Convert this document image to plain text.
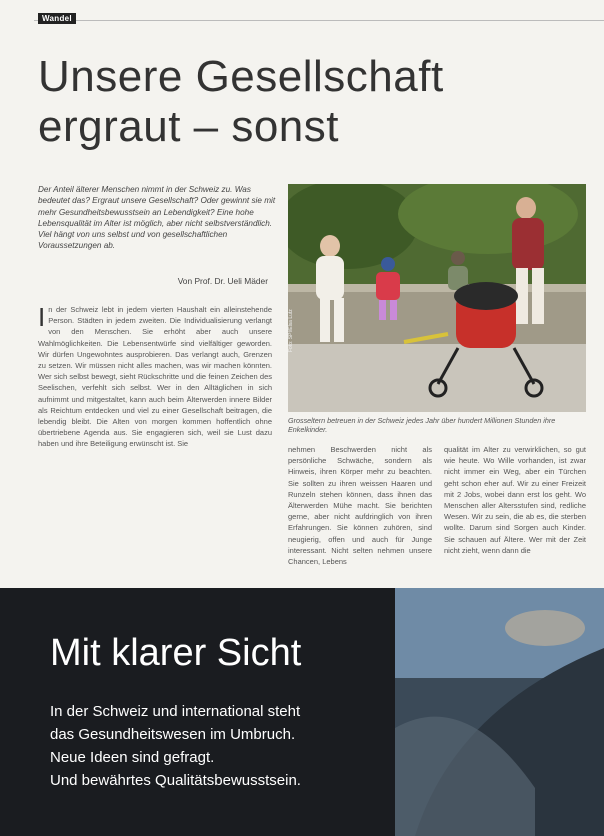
Wandel
Unsere Gesellschaft ergraut – sonst

Der Anteil älterer Menschen nimmt in der Schweiz zu. Was bedeutet das? Ergraut unsere Gesellschaft? Oder gewinnt sie mit mehr Gesundheitsbewusstsein an Lebendigkeit? Eine hohe Lebensqualität im Alter ist möglich, aber nicht selbstverständlich. Viel hängt von uns selbst und von gesellschaftlichen Voraussetzungen ab.

Von Prof. Dr. Ueli Mäder

Foto: SPI/Elsa Lutz

Grosseltern betreuen in der Schweiz jedes Jahr über hundert Millionen Stunden ihre Enkelkinder.

In der Schweiz lebt in jedem vierten Haushalt ein alleinstehende Person. Städten in jedem zweiten. Die Individualisierung verlangt von den Menschen. Sie erhöht aber auch unsere Wahlmöglichkeiten. Die Lebensentwürfe sind vielfältiger geworden. Wir dürfen Ungewohntes ausprobieren. Das verlangt auch, Grenzen zu setzen. Wir müssen nicht alles machen, was wir machen könnten. Wer sich selbst bewegt, sieht Rückschritte und die feinen Zeichen des Seelischen, verfehlt sich selbst. Wer in den Alltäglichen in sich aufnimmt und mitgestaltet, kann auch beim Älterwerden innere Bilder als Reichtum entdecken und viel zu einer Gesellschaft beitragen, die lebendig bleibt. Die Alten von morgen kommen hoffentlich ohne übertriebene Agenda aus. Sie engagieren sich, weil sie Lust dazu haben und ihre Beteiligung erwünscht ist. Sie

nehmen Beschwerden nicht als persönliche Schwäche, sondern als Hinweis, ihren Körper mehr zu beachten. Sie sollten zu ihren weissen Haaren und Runzeln stehen können, dass ihnen das Älterwerden Mühe macht. Sie berichten gerne, aber nicht aufdringlich von ihren Erfahrungen. Sie können zuhören, sind neugierig, offen und auch für Junge interessant. Nicht selten nehmen unsere Chancen, Lebens

qualität im Alter zu verwirklichen, so gut wie heute. Wo Wille vorhanden, ist zwar nicht immer ein Weg, aber ein Türchen geht schon eher auf. Wir zu einer Freizeit mit 2 Jobs, wobei dann erst los geht. Wo Menschen aller Altersstufen sind, redliche Wesen. Wir zu sein, die ab es, die sterben wollte. Darum sind Sorgen auch Kinder. Sie schauen auf Ältere. Wer mit der Zeit nicht zieht, wenn dann die

Mit klarer Sicht
In der Schweiz und international steht
das Gesundheitswesen im Umbruch.
Neue Ideen sind gefragt.
Und bewährtes Qualitätsbewusstsein.
